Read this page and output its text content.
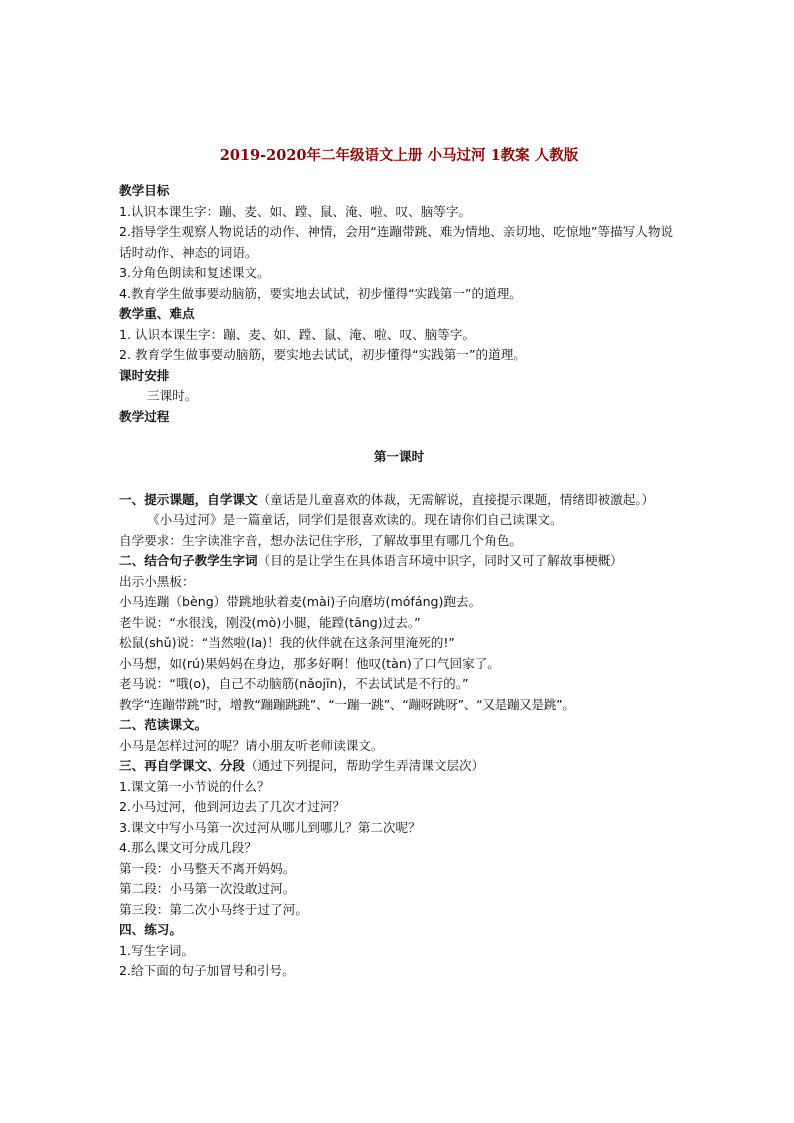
2019-2020年二年级语文上册 小马过河 1教案 人教版
教学目标
1.认识本课生字：蹦、麦、如、蹚、鼠、淹、啦、叹、脑等字。
2.指导学生观察人物说话的动作、神情，会用“连蹦带跳、难为情地、亲切地、吃惊地”等描写人物说话时动作、神态的词语。
3.分角色朗读和复述课文。
4.教育学生做事要动脑筋，要实地去试试，初步懂得“实践第一”的道理。
教学重、难点
1. 认识本课生字：蹦、麦、如、蹚、鼠、淹、啦、叹、脑等字。
2. 教育学生做事要动脑筋，要实地去试试，初步懂得“实践第一”的道理。
课时安排
三课时。
教学过程
第一课时
一、提示课题，自学课文（童话是儿童喜欢的体裁，无需解说，直接提示课题，情绪即被激起。）
《小马过河》是一篇童话，同学们是很喜欢读的。现在请你们自己读课文。
自学要求：生字读准字音，想办法记住字形，了解故事里有哪几个角色。
二、结合句子教学生字词（目的是让学生在具体语言环境中识字，同时又可了解故事梗概）
出示小黑板：
小马连蹦（bèng）带跳地驮着麦(mài)子向磨坊(mófáng)跑去。
老牛说：“水很浅，刚没(mò)小腿，能蹚(tāng)过去。”
松鼠(shǔ)说：“当然啦(la)！我的伙伴就在这条河里淹死的!”
小马想，如(rú)果妈妈在身边，那多好啊！他叹(tàn)了口气回家了。
老马说：“哦(o)，自己不动脑筋(nǎojīn)，不去试试是不行的。”
教学“连蹦带跳”时，增教“蹦蹦跳跳”、“一蹦一跳”、“蹦呀跳呀”、“又是蹦又是跳”。
二、范读课文。
小马是怎样过河的呢？请小朋友听老师读课文。
三、再自学课文、分段（通过下列提问，帮助学生弄清课文层次）
1.课文第一小节说的什么？
2.小马过河，他到河边去了几次才过河？
3.课文中写小马第一次过河从哪儿到哪儿？第二次呢？
4.那么课文可分成几段？
第一段：小马整天不离开妈妈。
第二段：小马第一次没敢过河。
第三段：第二次小马终于过了河。
四、练习。
1.写生字词。
2.给下面的句子加冒号和引号。
